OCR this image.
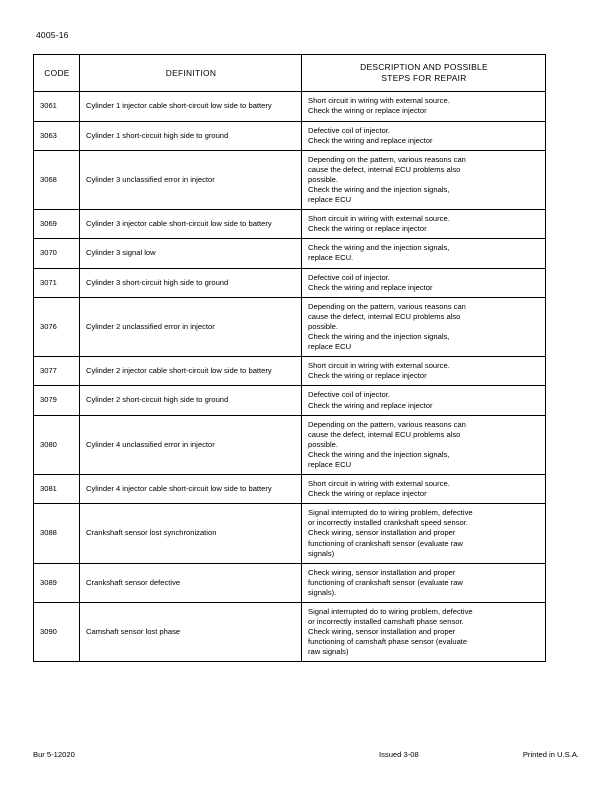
4005-16
CODE	DEFINITION	DESCRIPTION AND POSSIBLE
STEPS FOR REPAIR

3061	Cylinder 1 injector cable short-circuit low side to battery	Short circuit in wiring with external source.
Check the wiring or replace injector

3063	Cylinder 1 short-circuit high side to ground	Defective coil of injector.
Check the wiring and replace injector

3068	Cylinder 3 unclassified error in injector	Depending on the pattern, various reasons can
cause the defect, internal ECU problems also
possible.
Check the wiring and the injection signals,
replace ECU

3069	Cylinder 3 injector cable short-circuit low side to battery	Short circuit in wiring with external source.
Check the wiring or replace injector

3070	Cylinder 3 signal low	Check the wiring and the injection signals,
replace ECU.

3071	Cylinder 3 short-circuit high side to ground	Defective coil of injector.
Check the wiring and replace injector

3076	Cylinder 2 unclassified error in injector	Depending on the pattern, various reasons can
cause the defect, internal ECU problems also
possible.
Check the wiring and the injection signals,
replace ECU

3077	Cylinder 2 injector cable short-circuit low side to battery	Short circuit in wiring with external source.
Check the wiring or replace injector

3079	Cylinder 2 short-circuit high side to ground	Defective coil of injector.
Check the wiring and replace injector

3080	Cylinder 4 unclassified error in injector	Depending on the pattern, various reasons can
cause the defect, internal ECU problems also
possible.
Check the wiring and the injection signals,
replace ECU

3081	Cylinder 4 injector cable short-circuit low side to battery	Short circuit in wiring with external source.
Check the wiring or replace injector

3088	Crankshaft sensor lost synchronization	Signal interrupted do to wiring problem, defective
or incorrectly installed crankshaft speed sensor.
Check wiring, sensor installation and proper
functioning of crankshaft sensor (evaluate raw
signals)

3089	Crankshaft sensor defective	Check wiring, sensor installation and proper
functioning of crankshaft sensor (evaluate raw
signals).

3090	Camshaft sensor lost phase	Signal interrupted do to wiring problem, defective
or incorrectly installed camshaft phase sensor.
Check wiring, sensor installation and proper
functioning of camshaft phase sensor (evaluate
raw signals)
Bur 5-12020	Issued 3-08	Printed in U.S.A.
